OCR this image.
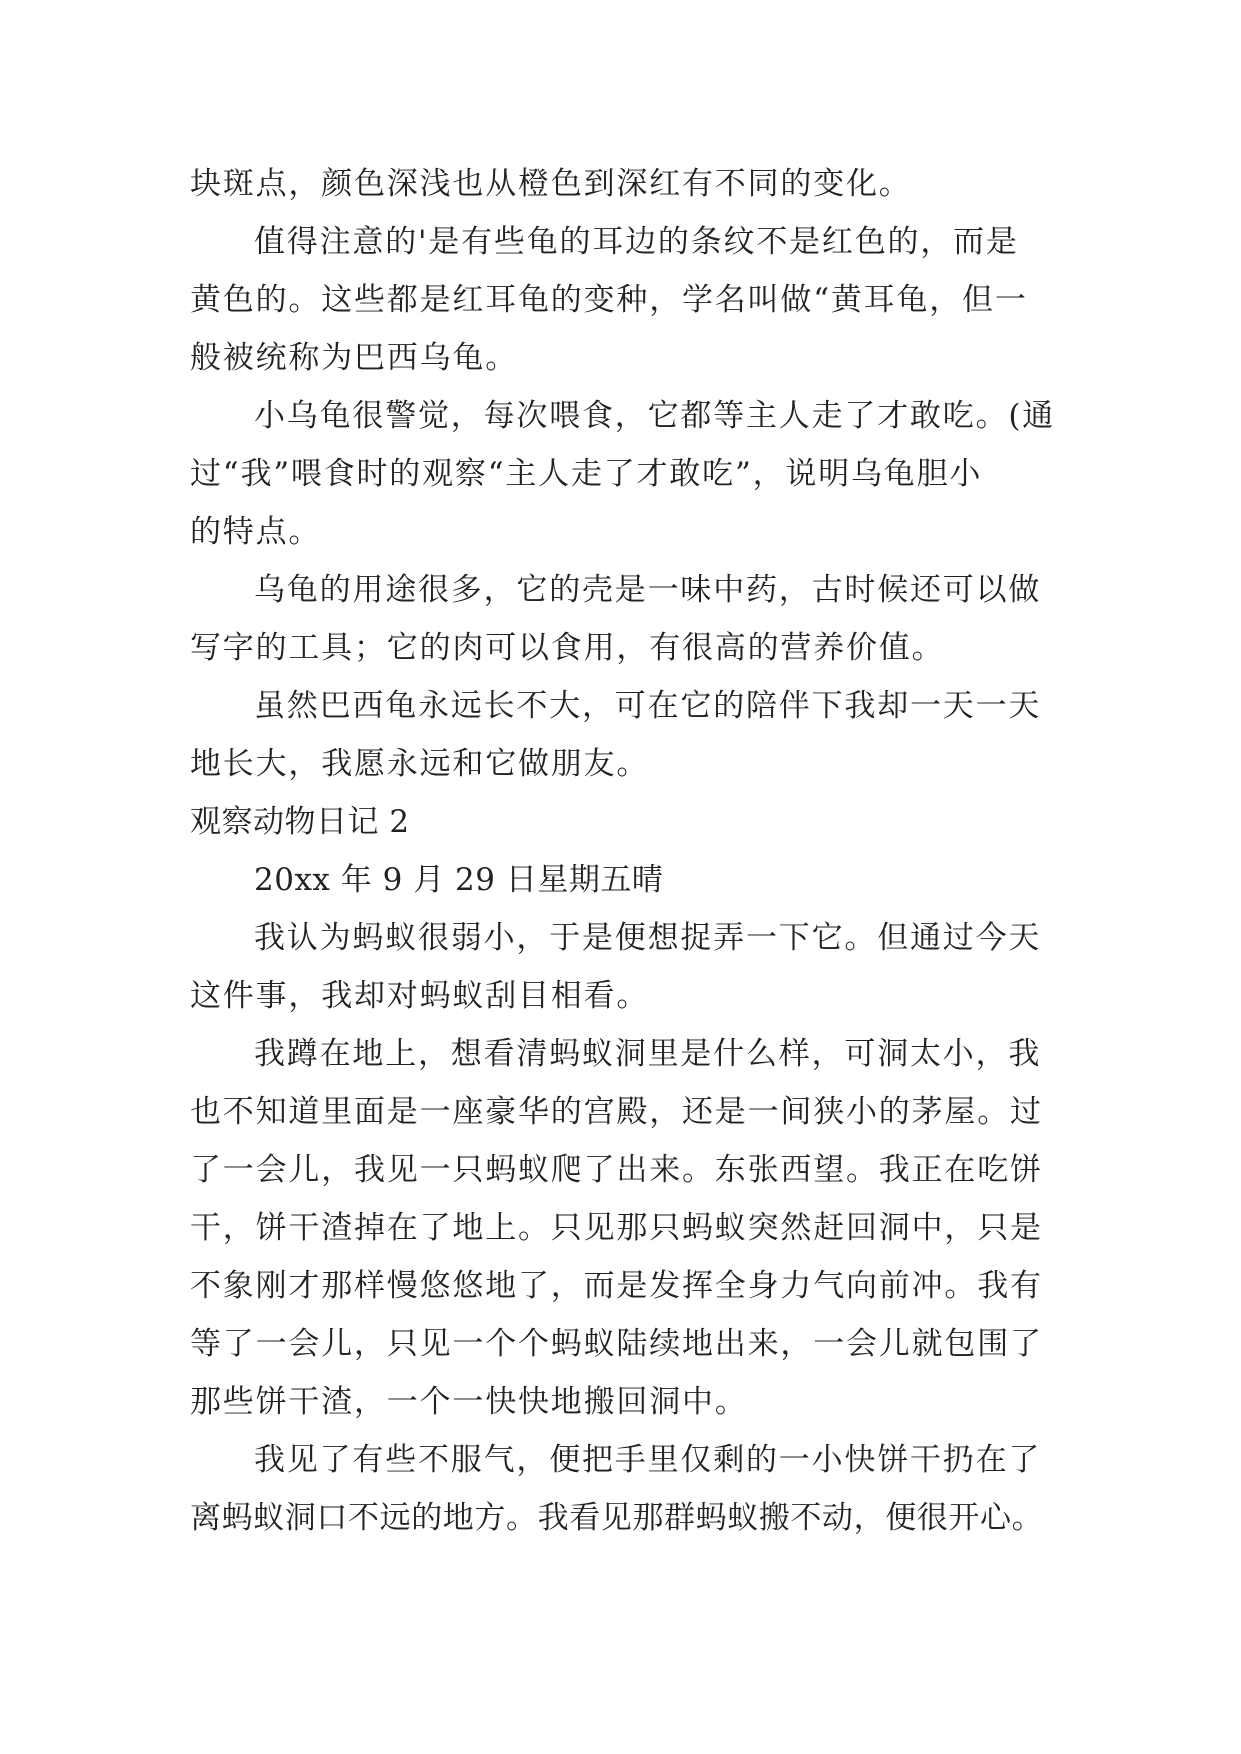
块斑点，颜色深浅也从橙色到深红有不同的变化。
值得注意的'是有些龟的耳边的条纹不是红色的，而是
黄色的。这些都是红耳龟的变种，学名叫做“黄耳龟，但一
般被统称为巴西乌龟。
小乌龟很警觉，每次喂食，它都等主人走了才敢吃。(通
过“我”喂食时的观察“主人走了才敢吃”，说明乌龟胆小
的特点。
乌龟的用途很多，它的壳是一味中药，古时候还可以做
写字的工具；它的肉可以食用，有很高的营养价值。
虽然巴西龟永远长不大，可在它的陪伴下我却一天一天
地长大，我愿永远和它做朋友。
观察动物日记 2
20xx 年 9 月 29 日星期五晴
我认为蚂蚁很弱小，于是便想捉弄一下它。但通过今天
这件事，我却对蚂蚁刮目相看。
我蹲在地上，想看清蚂蚁洞里是什么样，可洞太小，我
也不知道里面是一座豪华的宫殿，还是一间狭小的茅屋。过
了一会儿，我见一只蚂蚁爬了出来。东张西望。我正在吃饼
干，饼干渣掉在了地上。只见那只蚂蚁突然赶回洞中，只是
不象刚才那样慢悠悠地了，而是发挥全身力气向前冲。我有
等了一会儿，只见一个个蚂蚁陆续地出来，一会儿就包围了
那些饼干渣，一个一快快地搬回洞中。
我见了有些不服气，便把手里仅剩的一小快饼干扔在了
离蚂蚁洞口不远的地方。我看见那群蚂蚁搬不动，便很开心。
